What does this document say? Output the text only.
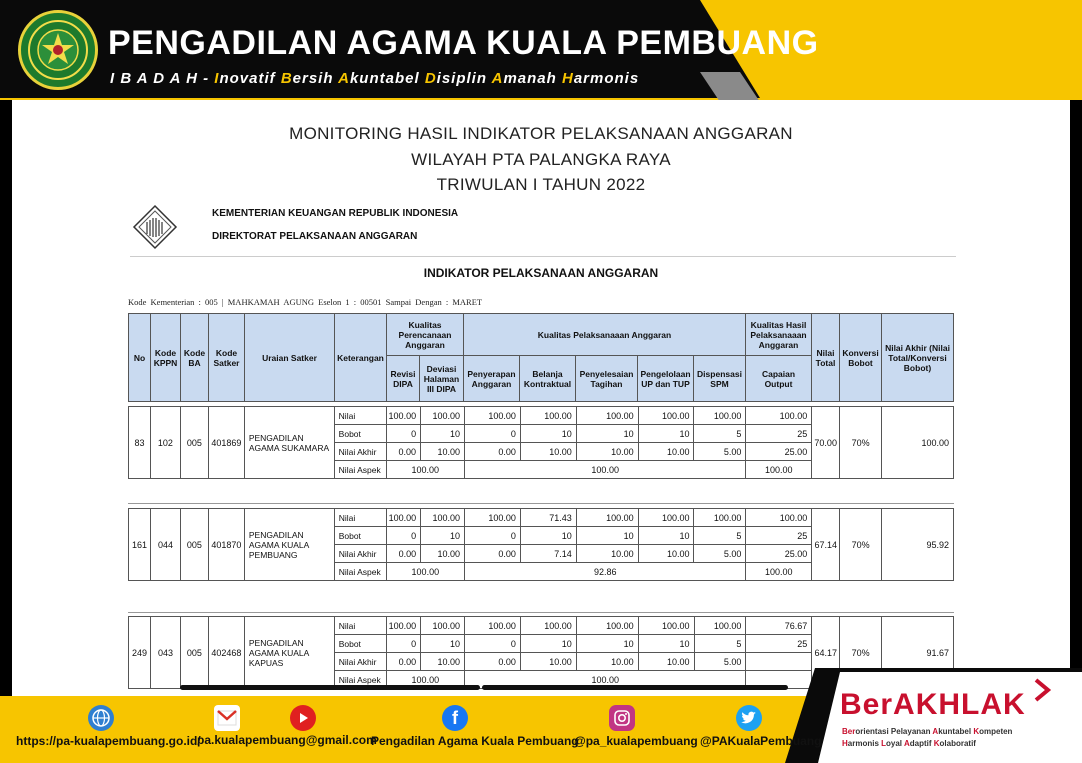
PENGADILAN AGAMA KUALA PEMBUANG
I B A D A H - Inovatif Bersih Akuntabel Disiplin Amanah Harmonis
MONITORING HASIL INDIKATOR PELAKSANAAN ANGGARAN
WILAYAH PTA PALANGKA RAYA
TRIWULAN I TAHUN 2022
KEMENTERIAN KEUANGAN REPUBLIK INDONESIA
DIREKTORAT PELAKSANAAN ANGGARAN
INDIKATOR PELAKSANAAN ANGGARAN
Kode Kementerian : 005 | MAHKAMAH AGUNG Eselon 1 : 00501 Sampai Dengan : MARET
No	Kode KPPN	Kode BA	Kode Satker	Uraian Satker	Keterangan	Kualitas Perencanaan Anggaran		Kualitas Pelaksanaaan Anggaran					Kualitas Hasil Pelaksanaaan Anggaran	Nilai Total	Konversi Bobot	Nilai Akhir (Nilai Total/Konversi Bobot)
						Revisi DIPA	Deviasi Halaman III DIPA	Penyerapan Anggaran	Belanja Kontraktual	Penyelesaian Tagihan	Pengelolaan UP dan TUP	Dispensasi SPM	Capaian Output			
83	102	005	401869	PENGADILAN AGAMA SUKAMARA	Nilai	100.00	100.00	100.00	100.00	100.00	100.00	100.00	100.00	70.00	70%	100.00
					Bobot	0	10	0	10	10	10	5	25			
					Nilai Akhir	0.00	10.00	0.00	10.00	10.00	10.00	5.00	25.00			
					Nilai Aspek	100.00		100.00					100.00			
161	044	005	401870	PENGADILAN AGAMA KUALA PEMBUANG	Nilai	100.00	100.00	100.00	71.43	100.00	100.00	100.00	100.00	67.14	70%	95.92
					Bobot	0	10	0	10	10	10	5	25			
					Nilai Akhir	0.00	10.00	0.00	7.14	10.00	10.00	5.00	25.00			
					Nilai Aspek	100.00		92.86					100.00			
249	043	005	402468	PENGADILAN AGAMA KUALA KAPUAS	Nilai	100.00	100.00	100.00	100.00	100.00	100.00	100.00	76.67	64.17	70%	91.67
					Bobot	0	10	0	10	10	10	5	25			
					Nilai Akhir	0.00	10.00	0.00	10.00	10.00	10.00	5.00				
					Nilai Aspek	100.00		100.00								
BerAKHLAK
Berorientasi Pelayanan Akuntabel Kompeten
Harmonis Loyal Adaptif Kolaboratif
https://pa-kualapembuang.go.id/
pa.kualapembuang@gmail.com
f
Pengadilan Agama Kuala Pembuang
@pa_kualapembuang @PAKualaPembuang
